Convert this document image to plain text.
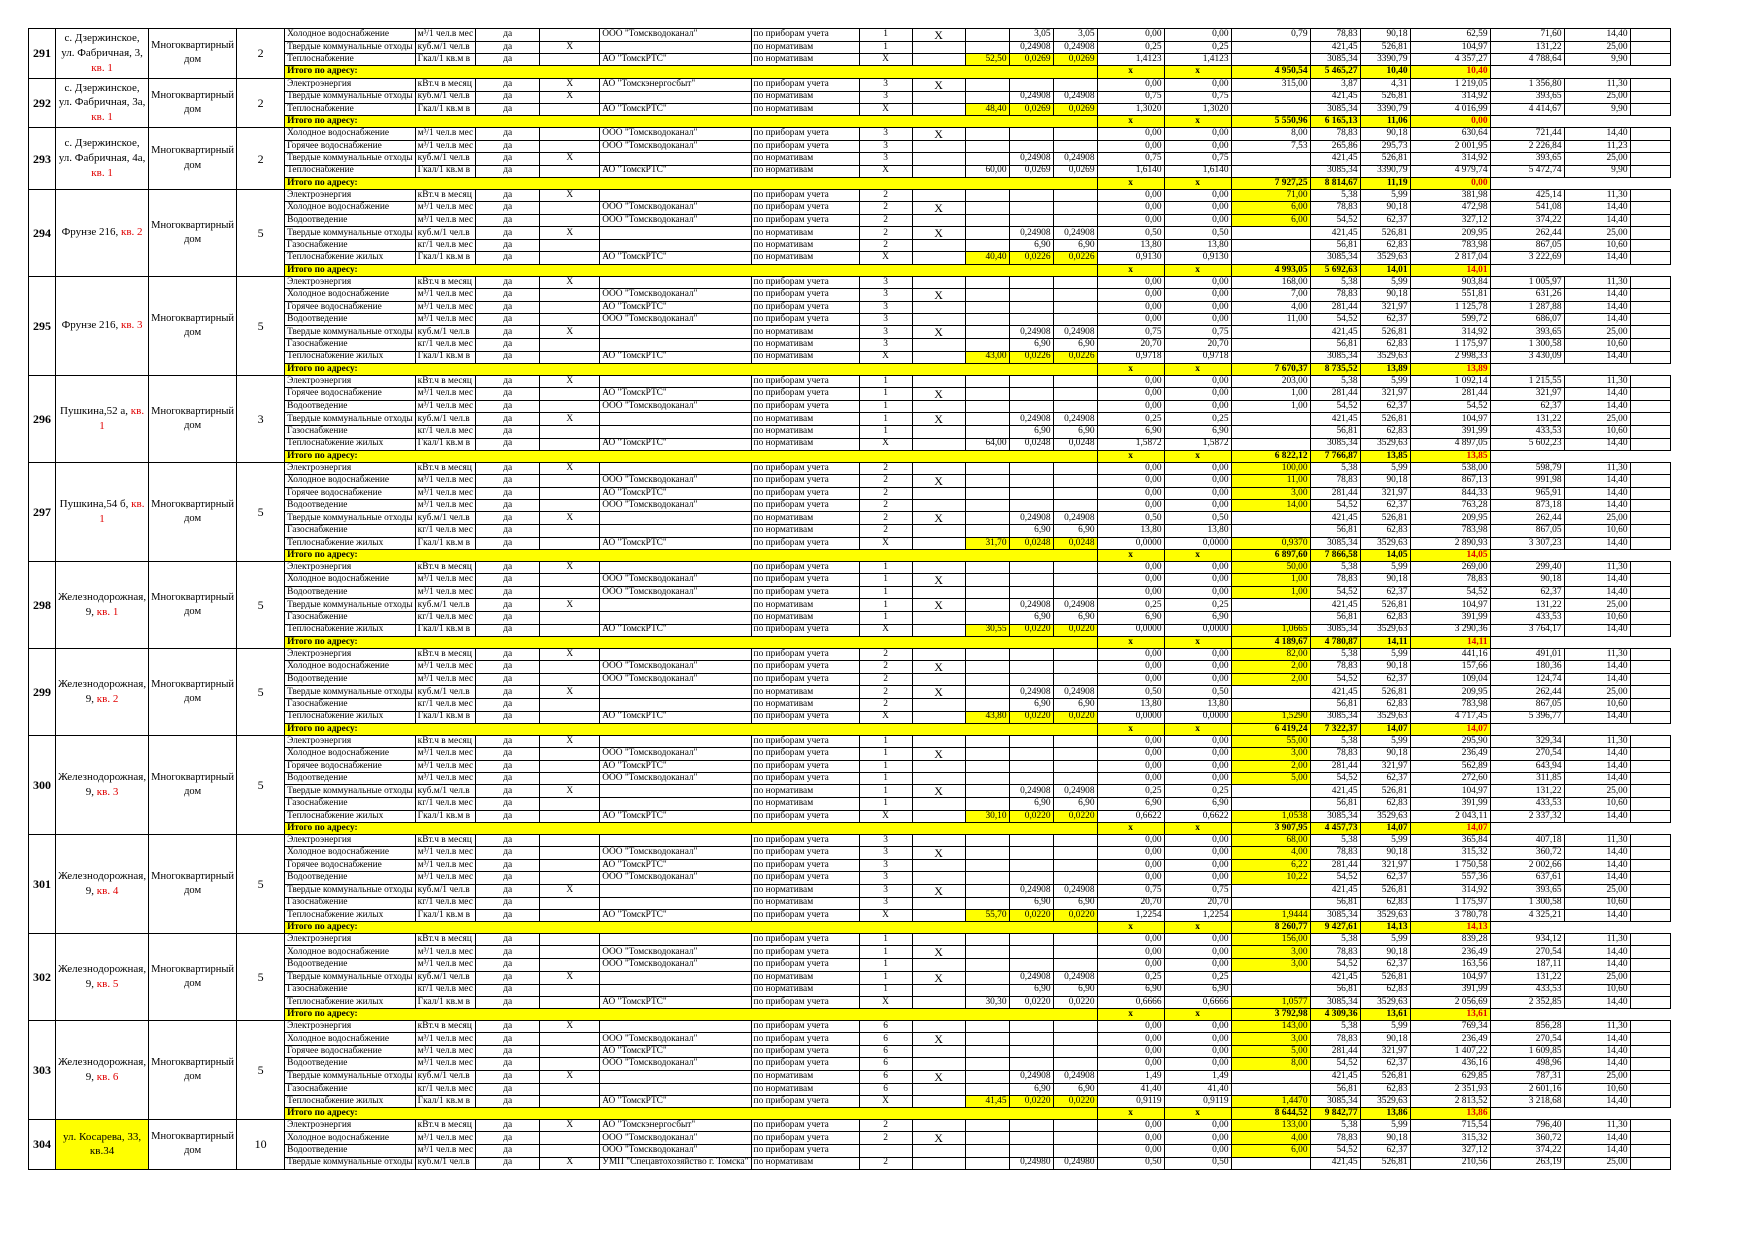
291	с. Дзержинское, ул. Фабричная, 3, кв. 1	Многоквартирный дом	2	Холодное водоснабжение	м³/1 чел.в мес	да		ООО "Томскводоканал"	по приборам учета	1	X		3,05	3,05	0,00	0,00	0,79	78,83	90,18	62,59	71,60	14,40	
				Твердые коммунальные отходы	куб.м/1 чел.в	да	X		по нормативам	1			0,24908	0,24908	0,25	0,25		421,45	526,81	104,97	131,22	25,00	
				Теплоснабжение	Гкал/1 кв.м в	да		АО "ТомскРТС"	по нормативам	X		52,50	0,0269	0,0269	1,4123	1,4123		3085,34	3390,79	4 357,27	4 788,64	9,90	
				Итого по адресу:											x	x	4 950,54	5 465,27	10,40	10,40			
292	с. Дзержинское, ул. Фабричная, 3а, кв. 1	Многоквартирный дом	2	Электроэнергия	кВт.ч в месяц	да	X	АО "Томскэнергосбыт"	по приборам учета	3	X				0,00	0,00	315,00	3,87	4,31	1 219,05	1 356,80	11,30	
				Твердые коммунальные отходы	куб.м/1 чел.в	да	X		по нормативам	3			0,24908	0,24908	0,75	0,75		421,45	526,81	314,92	393,65	25,00	
				Теплоснабжение	Гкал/1 кв.м в	да		АО "ТомскРТС"	по нормативам	X		48,40	0,0269	0,0269	1,3020	1,3020		3085,34	3390,79	4 016,99	4 414,67	9,90	
				Итого по адресу:											x	x	5 550,96	6 165,13	11,06	0,00			
293	с. Дзержинское, ул. Фабричная, 4а, кв. 1	Многоквартирный дом	2	Холодное водоснабжение	м³/1 чел.в мес	да		ООО "Томскводоканал"	по приборам учета	3	X				0,00	0,00	8,00	78,83	90,18	630,64	721,44	14,40	
				Горячее водоснабжение	м³/1 чел.в мес	да		ООО "Томскводоканал"	по приборам учета	3					0,00	0,00	7,53	265,86	295,73	2 001,95	2 226,84	11,23	
				Твердые коммунальные отходы	куб.м/1 чел.в	да	X		по нормативам	3			0,24908	0,24908	0,75	0,75		421,45	526,81	314,92	393,65	25,00	
				Теплоснабжение	Гкал/1 кв.м в	да		АО "ТомскРТС"	по нормативам	X		60,00	0,0269	0,0269	1,6140	1,6140		3085,34	3390,79	4 979,74	5 472,74	9,90	
				Итого по адресу:											x	x	7 927,25	8 814,67	11,19	0,00			
294	Фрунзе 216, кв. 2	Многоквартирный дом	5	Электроэнергия	кВт.ч в месяц	да	X		по приборам учета	2					0,00	0,00	71,00	5,38	5,99	381,98	425,14	11,30	
				Холодное водоснабжение	м³/1 чел.в мес	да		ООО "Томскводоканал"	по приборам учета	2	X				0,00	0,00	6,00	78,83	90,18	472,98	541,08	14,40	
				Водоотведение	м³/1 чел.в мес	да		ООО "Томскводоканал"	по приборам учета	2					0,00	0,00	6,00	54,52	62,37	327,12	374,22	14,40	
				Твердые коммунальные отходы	куб.м/1 чел.в	да	X		по нормативам	2	X		0,24908	0,24908	0,50	0,50		421,45	526,81	209,95	262,44	25,00	
				Газоснабжение	кг/1 чел.в мес	да			по нормативам	2			6,90	6,90	13,80	13,80		56,81	62,83	783,98	867,05	10,60	
				Теплоснабжение жилых	Гкал/1 кв.м в	да		АО "ТомскРТС"	по нормативам	X		40,40	0,0226	0,0226	0,9130	0,9130		3085,34	3529,63	2 817,04	3 222,69	14,40	
				Итого по адресу:											x	x	4 993,05	5 692,63	14,01	14,01			
295	Фрунзе 216, кв. 3	Многоквартирный дом	5	Электроэнергия	кВт.ч в месяц	да	X		по приборам учета	3					0,00	0,00	168,00	5,38	5,99	903,84	1 005,97	11,30	
				Холодное водоснабжение	м³/1 чел.в мес	да		ООО "Томскводоканал"	по приборам учета	3	X				0,00	0,00	7,00	78,83	90,18	551,81	631,26	14,40	
				Горячее водоснабжение	м³/1 чел.в мес	да		АО "ТомскРТС"	по приборам учета	3					0,00	0,00	4,00	281,44	321,97	1 125,78	1 287,88	14,40	
				Водоотведение	м³/1 чел.в мес	да		ООО "Томскводоканал"	по приборам учета	3					0,00	0,00	11,00	54,52	62,37	599,72	686,07	14,40	
				Твердые коммунальные отходы	куб.м/1 чел.в	да	X		по нормативам	3	X		0,24908	0,24908	0,75	0,75		421,45	526,81	314,92	393,65	25,00	
				Газоснабжение	кг/1 чел.в мес	да			по нормативам	3			6,90	6,90	20,70	20,70		56,81	62,83	1 175,97	1 300,58	10,60	
				Теплоснабжение жилых	Гкал/1 кв.м в	да		АО "ТомскРТС"	по нормативам	X		43,00	0,0226	0,0226	0,9718	0,9718		3085,34	3529,63	2 998,33	3 430,09	14,40	
				Итого по адресу:											x	x	7 670,37	8 735,52	13,89	13,89			
296	Пушкина,52 а, кв. 1	Многоквартирный дом	3	Электроэнергия	кВт.ч в месяц	да	X		по приборам учета	1					0,00	0,00	203,00	5,38	5,99	1 092,14	1 215,55	11,30	
				Горячее водоснабжение	м³/1 чел.в мес	да		АО "ТомскРТС"	по приборам учета	1	X				0,00	0,00	1,00	281,44	321,97	281,44	321,97	14,40	
				Водоотведение	м³/1 чел.в мес	да		ООО "Томскводоканал"	по приборам учета	1					0,00	0,00	1,00	54,52	62,37	54,52	62,37	14,40	
				Твердые коммунальные отходы	куб.м/1 чел.в	да	X		по нормативам	1	X		0,24908	0,24908	0,25	0,25		421,45	526,81	104,97	131,22	25,00	
				Газоснабжение	кг/1 чел.в мес	да			по нормативам	1			6,90	6,90	6,90	6,90		56,81	62,83	391,99	433,53	10,60	
				Теплоснабжение жилых	Гкал/1 кв.м в	да		АО "ТомскРТС"	по нормативам	X		64,00	0,0248	0,0248	1,5872	1,5872		3085,34	3529,63	4 897,05	5 602,23	14,40	
				Итого по адресу:											x	x	6 822,12	7 766,87	13,85	13,85			
297	Пушкина,54 б, кв. 1	Многоквартирный дом	5	Электроэнергия	кВт.ч в месяц	да	X		по приборам учета	2					0,00	0,00	100,00	5,38	5,99	538,00	598,79	11,30	
				Холодное водоснабжение	м³/1 чел.в мес	да		ООО "Томскводоканал"	по приборам учета	2	X				0,00	0,00	11,00	78,83	90,18	867,13	991,98	14,40	
				Горячее водоснабжение	м³/1 чел.в мес	да		АО "ТомскРТС"	по приборам учета	2					0,00	0,00	3,00	281,44	321,97	844,33	965,91	14,40	
				Водоотведение	м³/1 чел.в мес	да		ООО "Томскводоканал"	по приборам учета	2					0,00	0,00	14,00	54,52	62,37	763,28	873,18	14,40	
				Твердые коммунальные отходы	куб.м/1 чел.в	да	X		по нормативам	2	X		0,24908	0,24908	0,50	0,50		421,45	526,81	209,95	262,44	25,00	
				Газоснабжение	кг/1 чел.в мес	да			по нормативам	2			6,90	6,90	13,80	13,80		56,81	62,83	783,98	867,05	10,60	
				Теплоснабжение жилых	Гкал/1 кв.м в	да		АО "ТомскРТС"	по приборам учета	X		31,70	0,0248	0,0248	0,0000	0,0000	0,9370	3085,34	3529,63	2 890,93	3 307,23	14,40	
				Итого по адресу:											x	x	6 897,60	7 866,58	14,05	14,05			
298	Железнодорожная, 9, кв. 1	Многоквартирный дом	5	Электроэнергия	кВт.ч в месяц	да	X		по приборам учета	1					0,00	0,00	50,00	5,38	5,99	269,00	299,40	11,30	
				Холодное водоснабжение	м³/1 чел.в мес	да		ООО "Томскводоканал"	по приборам учета	1	X				0,00	0,00	1,00	78,83	90,18	78,83	90,18	14,40	
				Водоотведение	м³/1 чел.в мес	да		ООО "Томскводоканал"	по приборам учета	1					0,00	0,00	1,00	54,52	62,37	54,52	62,37	14,40	
				Твердые коммунальные отходы	куб.м/1 чел.в	да	X		по нормативам	1	X		0,24908	0,24908	0,25	0,25		421,45	526,81	104,97	131,22	25,00	
				Газоснабжение	кг/1 чел.в мес	да			по нормативам	1			6,90	6,90	6,90	6,90		56,81	62,83	391,99	433,53	10,60	
				Теплоснабжение жилых	Гкал/1 кв.м в	да		АО "ТомскРТС"	по приборам учета	X		30,55	0,0220	0,0220	0,0000	0,0000	1,0665	3085,34	3529,63	3 290,36	3 764,17	14,40	
				Итого по адресу:											x	x	4 189,67	4 780,87	14,11	14,11			
299	Железнодорожная, 9, кв. 2	Многоквартирный дом	5	Электроэнергия	кВт.ч в месяц	да	X		по приборам учета	2					0,00	0,00	82,00	5,38	5,99	441,16	491,01	11,30	
				Холодное водоснабжение	м³/1 чел.в мес	да		ООО "Томскводоканал"	по приборам учета	2	X				0,00	0,00	2,00	78,83	90,18	157,66	180,36	14,40	
				Водоотведение	м³/1 чел.в мес	да		ООО "Томскводоканал"	по приборам учета	2					0,00	0,00	2,00	54,52	62,37	109,04	124,74	14,40	
				Твердые коммунальные отходы	куб.м/1 чел.в	да	X		по нормативам	2	X		0,24908	0,24908	0,50	0,50		421,45	526,81	209,95	262,44	25,00	
				Газоснабжение	кг/1 чел.в мес	да			по нормативам	2			6,90	6,90	13,80	13,80		56,81	62,83	783,98	867,05	10,60	
				Теплоснабжение жилых	Гкал/1 кв.м в	да		АО "ТомскРТС"	по приборам учета	X		43,80	0,0220	0,0220	0,0000	0,0000	1,5290	3085,34	3529,63	4 717,45	5 396,77	14,40	
				Итого по адресу:											x	x	6 419,24	7 322,37	14,07	14,07			
300	Железнодорожная, 9, кв. 3	Многоквартирный дом	5	Электроэнергия	кВт.ч в месяц	да	X		по приборам учета	1					0,00	0,00	55,00	5,38	5,99	295,90	329,34	11,30	
				Холодное водоснабжение	м³/1 чел.в мес	да		ООО "Томскводоканал"	по приборам учета	1	X				0,00	0,00	3,00	78,83	90,18	236,49	270,54	14,40	
				Горячее водоснабжение	м³/1 чел.в мес	да		АО "ТомскРТС"	по приборам учета	1					0,00	0,00	2,00	281,44	321,97	562,89	643,94	14,40	
				Водоотведение	м³/1 чел.в мес	да		ООО "Томскводоканал"	по приборам учета	1					0,00	0,00	5,00	54,52	62,37	272,60	311,85	14,40	
				Твердые коммунальные отходы	куб.м/1 чел.в	да	X		по нормативам	1	X		0,24908	0,24908	0,25	0,25		421,45	526,81	104,97	131,22	25,00	
				Газоснабжение	кг/1 чел.в мес	да			по нормативам	1			6,90	6,90	6,90	6,90		56,81	62,83	391,99	433,53	10,60	
				Теплоснабжение жилых	Гкал/1 кв.м в	да		АО "ТомскРТС"	по приборам учета	X		30,10	0,0220	0,0220	0,6622	0,6622	1,0538	3085,34	3529,63	2 043,11	2 337,32	14,40	
				Итого по адресу:											x	x	3 907,95	4 457,73	14,07	14,07			
301	Железнодорожная, 9, кв. 4	Многоквартирный дом	5	Электроэнергия	кВт.ч в месяц	да			по приборам учета	3					0,00	0,00	68,00	5,38	5,99	365,84	407,18	11,30	
				Холодное водоснабжение	м³/1 чел.в мес	да		ООО "Томскводоканал"	по приборам учета	3	X				0,00	0,00	4,00	78,83	90,18	315,32	360,72	14,40	
				Горячее водоснабжение	м³/1 чел.в мес	да		АО "ТомскРТС"	по приборам учета	3					0,00	0,00	6,22	281,44	321,97	1 750,58	2 002,66	14,40	
				Водоотведение	м³/1 чел.в мес	да		ООО "Томскводоканал"	по приборам учета	3					0,00	0,00	10,22	54,52	62,37	557,36	637,61	14,40	
				Твердые коммунальные отходы	куб.м/1 чел.в	да	X		по нормативам	3	X		0,24908	0,24908	0,75	0,75		421,45	526,81	314,92	393,65	25,00	
				Газоснабжение	кг/1 чел.в мес	да			по нормативам	3			6,90	6,90	20,70	20,70		56,81	62,83	1 175,97	1 300,58	10,60	
				Теплоснабжение жилых	Гкал/1 кв.м в	да		АО "ТомскРТС"	по приборам учета	X		55,70	0,0220	0,0220	1,2254	1,2254	1,9444	3085,34	3529,63	3 780,78	4 325,21	14,40	
				Итого по адресу:											x	x	8 260,77	9 427,61	14,13	14,13			
302	Железнодорожная, 9, кв. 5	Многоквартирный дом	5	Электроэнергия	кВт.ч в месяц	да			по приборам учета	1					0,00	0,00	156,00	5,38	5,99	839,28	934,12	11,30	
				Холодное водоснабжение	м³/1 чел.в мес	да		ООО "Томскводоканал"	по приборам учета	1	X				0,00	0,00	3,00	78,83	90,18	236,49	270,54	14,40	
				Водоотведение	м³/1 чел.в мес	да		ООО "Томскводоканал"	по приборам учета	1					0,00	0,00	3,00	54,52	62,37	163,56	187,11	14,40	
				Твердые коммунальные отходы	куб.м/1 чел.в	да	X		по нормативам	1	X		0,24908	0,24908	0,25	0,25		421,45	526,81	104,97	131,22	25,00	
				Газоснабжение	кг/1 чел.в мес	да			по нормативам	1			6,90	6,90	6,90	6,90		56,81	62,83	391,99	433,53	10,60	
				Теплоснабжение жилых	Гкал/1 кв.м в	да		АО "ТомскРТС"	по приборам учета	X		30,30	0,0220	0,0220	0,6666	0,6666	1,0577	3085,34	3529,63	2 056,69	2 352,85	14,40	
				Итого по адресу:											x	x	3 792,98	4 309,36	13,61	13,61			
303	Железнодорожная, 9, кв. 6	Многоквартирный дом	5	Электроэнергия	кВт.ч в месяц	да	X		по приборам учета	6					0,00	0,00	143,00	5,38	5,99	769,34	856,28	11,30	
				Холодное водоснабжение	м³/1 чел.в мес	да		ООО "Томскводоканал"	по приборам учета	6	X				0,00	0,00	3,00	78,83	90,18	236,49	270,54	14,40	
				Горячее водоснабжение	м³/1 чел.в мес	да		АО "ТомскРТС"	по приборам учета	6					0,00	0,00	5,00	281,44	321,97	1 407,22	1 609,85	14,40	
				Водоотведение	м³/1 чел.в мес	да		ООО "Томскводоканал"	по приборам учета	6					0,00	0,00	8,00	54,52	62,37	436,16	498,96	14,40	
				Твердые коммунальные отходы	куб.м/1 чел.в	да	X		по нормативам	6	X		0,24908	0,24908	1,49	1,49		421,45	526,81	629,85	787,31	25,00	
				Газоснабжение	кг/1 чел.в мес	да			по нормативам	6			6,90	6,90	41,40	41,40		56,81	62,83	2 351,93	2 601,16	10,60	
				Теплоснабжение жилых	Гкал/1 кв.м в	да		АО "ТомскРТС"	по приборам учета	X		41,45	0,0220	0,0220	0,9119	0,9119	1,4470	3085,34	3529,63	2 813,52	3 218,68	14,40	
				Итого по адресу:											x	x	8 644,52	9 842,77	13,86	13,86			
304	ул. Косарева, 33, кв.34	Многоквартирный дом	10	Электроэнергия	кВт.ч в месяц	да	X	АО "Томскэнергосбыт"	по приборам учета	2					0,00	0,00	133,00	5,38	5,99	715,54	796,40	11,30	
				Холодное водоснабжение	м³/1 чел.в мес	да		ООО "Томскводоканал"	по приборам учета	2	X				0,00	0,00	4,00	78,83	90,18	315,32	360,72	14,40	
				Водоотведение	м³/1 чел.в мес	да		ООО "Томскводоканал"	по приборам учета						0,00	0,00	6,00	54,52	62,37	327,12	374,22	14,40	
				Твердые коммунальные отходы	куб.м/1 чел.в	да	X	УМП "Спецавтохозяйство г. Томска"	по нормативам	2			0,24980	0,24980	0,50	0,50		421,45	526,81	210,56	263,19	25,00	
